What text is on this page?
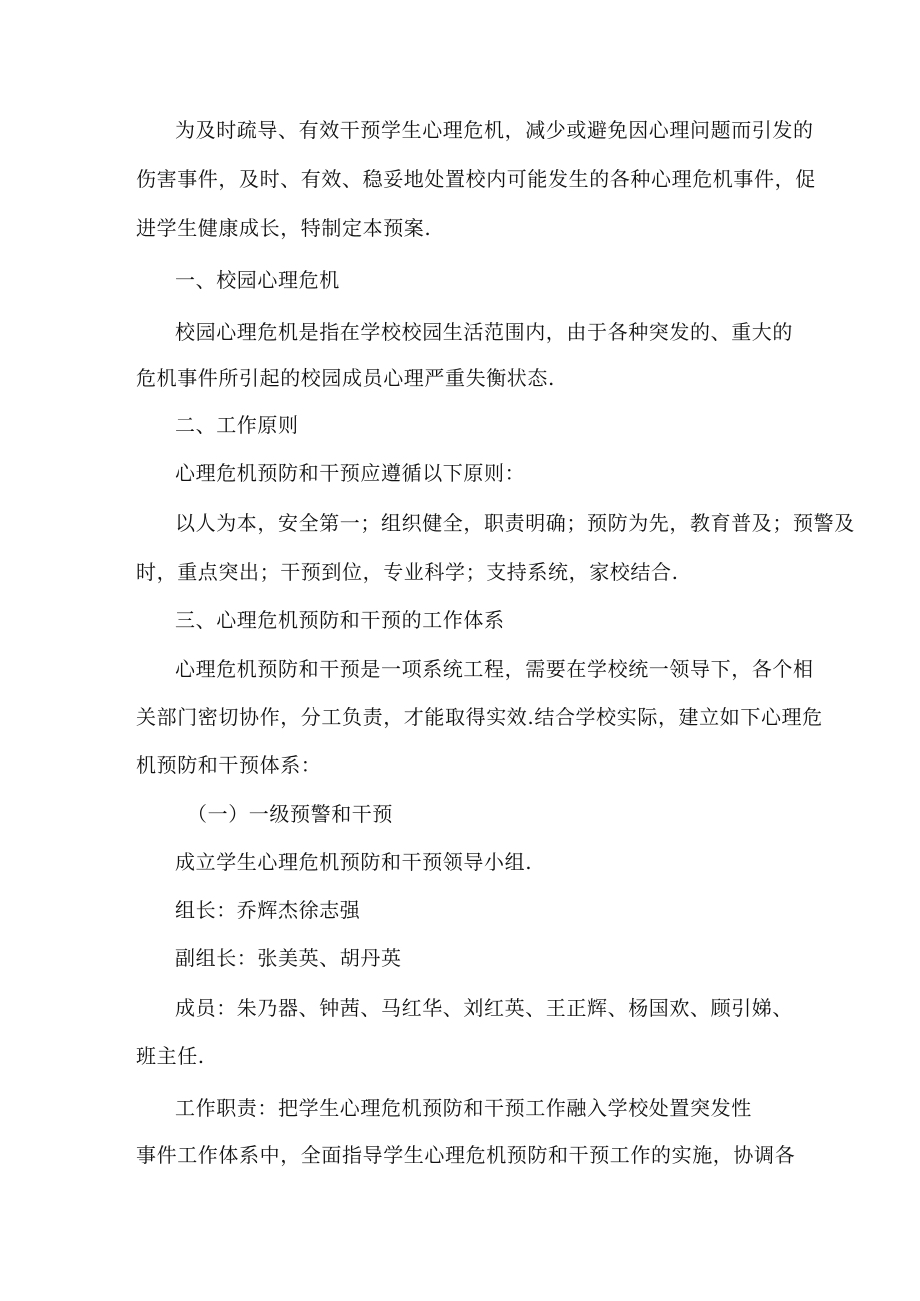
为及时疏导、有效干预学生心理危机，减少或避免因心理问题而引发的
伤害事件，及时、有效、稳妥地处置校内可能发生的各种心理危机事件，促
进学生健康成长，特制定本预案.
一、校园心理危机
校园心理危机是指在学校校园生活范围内，由于各种突发的、重大的
危机事件所引起的校园成员心理严重失衡状态.
二、工作原则
心理危机预防和干预应遵循以下原则：
以人为本，安全第一；组织健全，职责明确；预防为先，教育普及；预警及
时，重点突出；干预到位，专业科学；支持系统，家校结合.
三、心理危机预防和干预的工作体系
心理危机预防和干预是一项系统工程，需要在学校统一领导下，各个相
关部门密切协作，分工负责，才能取得实效.结合学校实际，建立如下心理危
机预防和干预体系：
（一）一级预警和干预
成立学生心理危机预防和干预领导小组.
组长：乔辉杰徐志强
副组长：张美英、胡丹英
成员：朱乃器、钟茜、马红华、刘红英、王正辉、杨国欢、顾引娣、
班主任.
工作职责：把学生心理危机预防和干预工作融入学校处置突发性
事件工作体系中，全面指导学生心理危机预防和干预工作的实施，协调各
